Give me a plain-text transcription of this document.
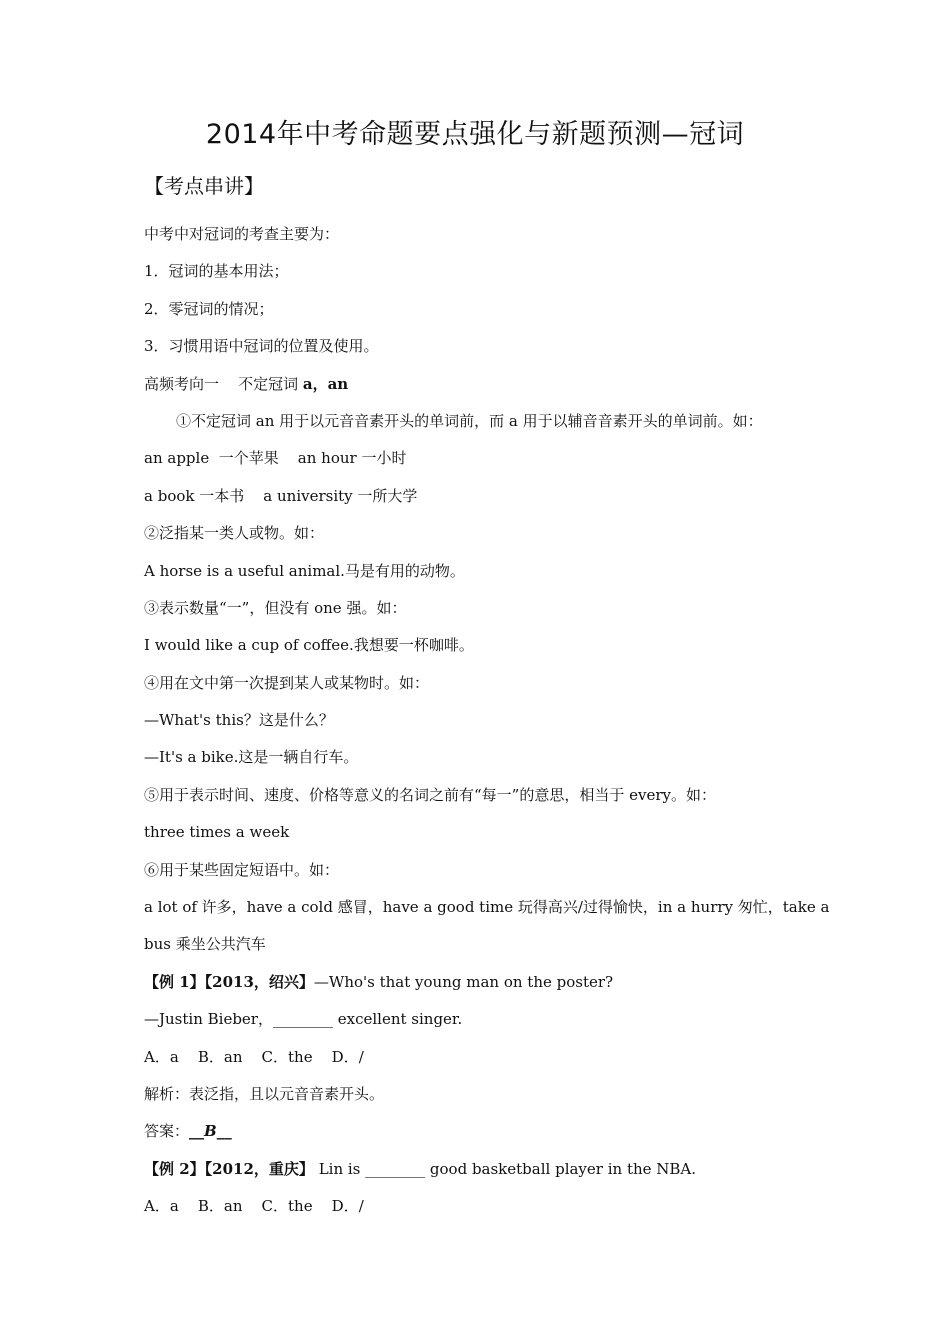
2014年中考命题要点强化与新题预测—冠词
【考点串讲】
中考中对冠词的考查主要为：
1．冠词的基本用法；
2．零冠词的情况；
3．习惯用语中冠词的位置及使用。
高频考向一    不定冠词 a，an
①不定冠词 an 用于以元音音素开头的单词前，而 a 用于以辅音音素开头的单词前。如：
an apple  一个苹果    an hour 一小时
a book 一本书    a university 一所大学
②泛指某一类人或物。如：
A horse is a useful animal.马是有用的动物。
③表示数量“一”，但没有 one 强。如：
I would like a cup of coffee.我想要一杯咖啡。
④用在文中第一次提到某人或某物时。如：
—What's this？这是什么？
—It's a bike.这是一辆自行车。
⑤用于表示时间、速度、价格等意义的名词之前有“每一”的意思，相当于 every。如：
three times a week
⑥用于某些固定短语中。如：
a lot of 许多，have a cold 感冒，have a good time 玩得高兴/过得愉快，in a hurry 匆忙，take a
bus 乘坐公共汽车
【例 1】【2013，绍兴】—Who's that young man on the poster?
—Justin Bieber，________ excellent singer.
A．a    B．an    C．the    D．/
解析：表泛指，且以元音音素开头。
答案：__B__
【例 2】【2012，重庆】 Lin is ________ good basketball player in the NBA.
A．a    B．an    C．the    D．/
